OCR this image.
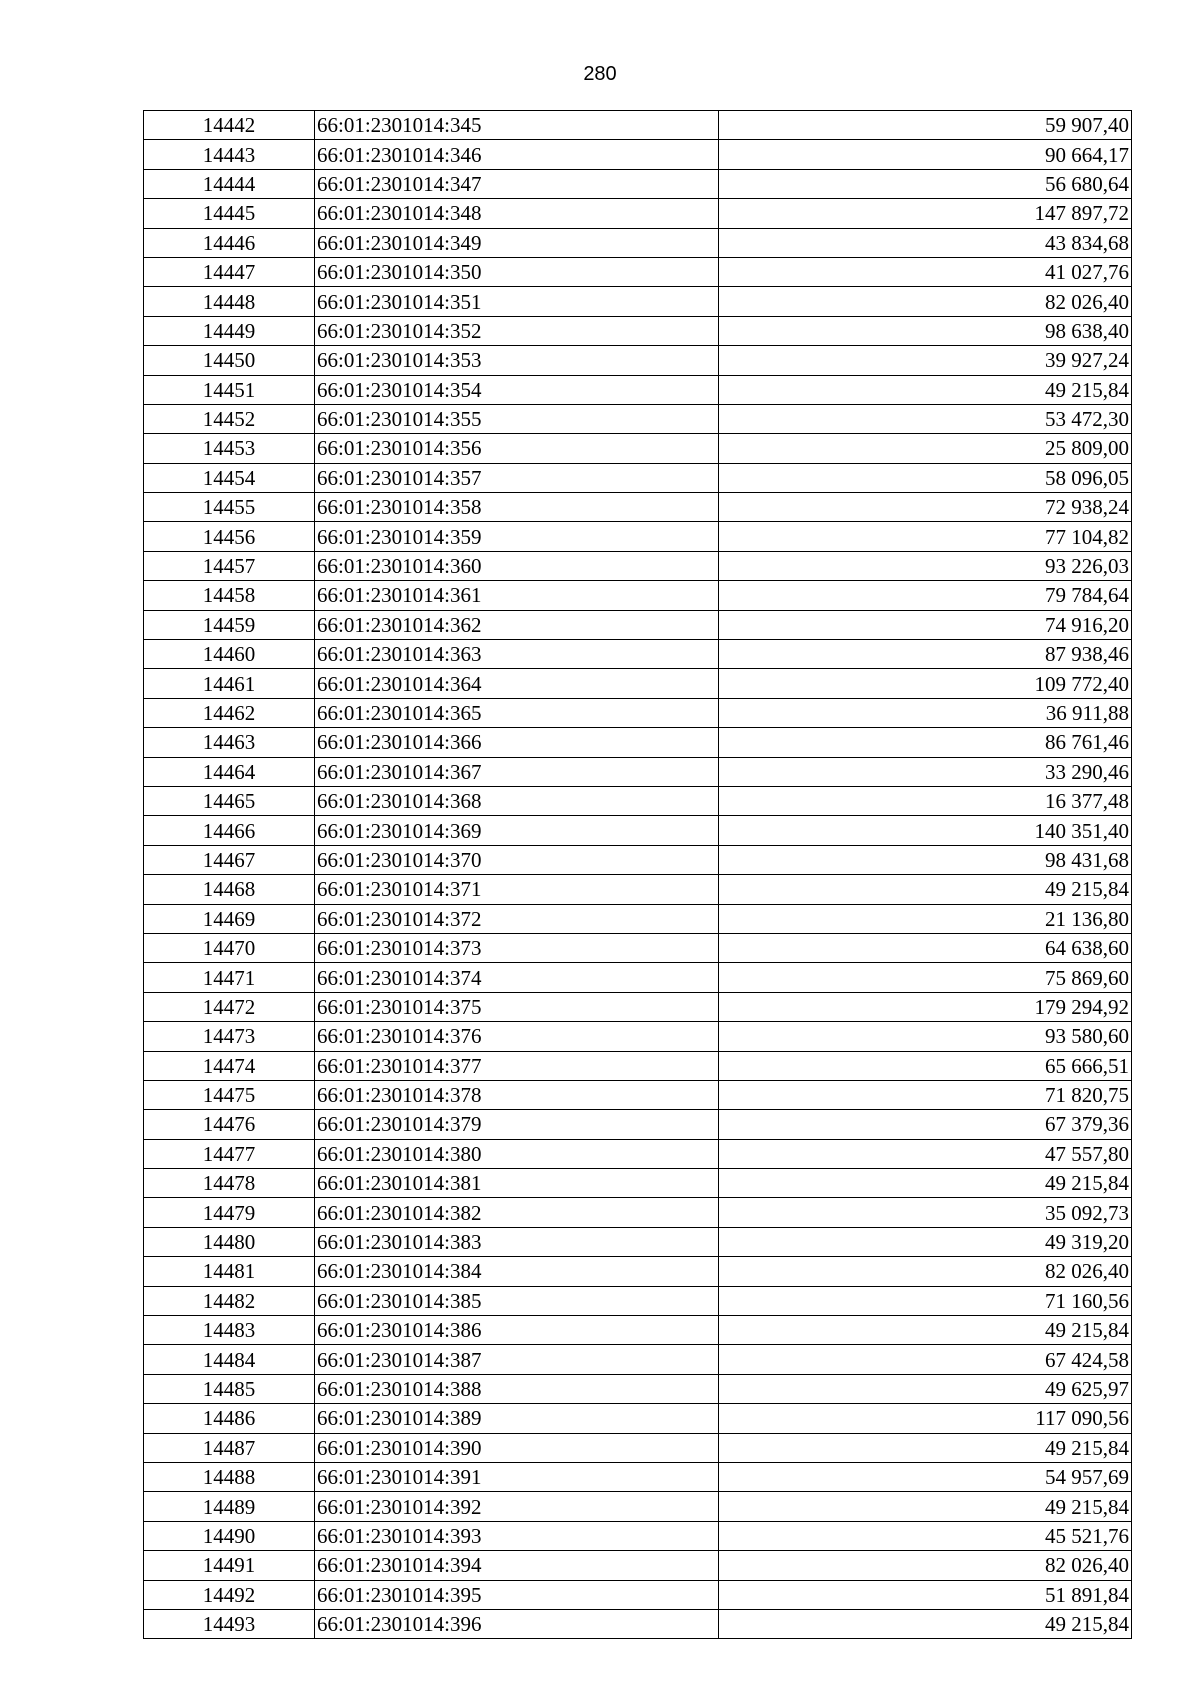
280
14442	66:01:2301014:345	59 907,40
14443	66:01:2301014:346	90 664,17
14444	66:01:2301014:347	56 680,64
14445	66:01:2301014:348	147 897,72
14446	66:01:2301014:349	43 834,68
14447	66:01:2301014:350	41 027,76
14448	66:01:2301014:351	82 026,40
14449	66:01:2301014:352	98 638,40
14450	66:01:2301014:353	39 927,24
14451	66:01:2301014:354	49 215,84
14452	66:01:2301014:355	53 472,30
14453	66:01:2301014:356	25 809,00
14454	66:01:2301014:357	58 096,05
14455	66:01:2301014:358	72 938,24
14456	66:01:2301014:359	77 104,82
14457	66:01:2301014:360	93 226,03
14458	66:01:2301014:361	79 784,64
14459	66:01:2301014:362	74 916,20
14460	66:01:2301014:363	87 938,46
14461	66:01:2301014:364	109 772,40
14462	66:01:2301014:365	36 911,88
14463	66:01:2301014:366	86 761,46
14464	66:01:2301014:367	33 290,46
14465	66:01:2301014:368	16 377,48
14466	66:01:2301014:369	140 351,40
14467	66:01:2301014:370	98 431,68
14468	66:01:2301014:371	49 215,84
14469	66:01:2301014:372	21 136,80
14470	66:01:2301014:373	64 638,60
14471	66:01:2301014:374	75 869,60
14472	66:01:2301014:375	179 294,92
14473	66:01:2301014:376	93 580,60
14474	66:01:2301014:377	65 666,51
14475	66:01:2301014:378	71 820,75
14476	66:01:2301014:379	67 379,36
14477	66:01:2301014:380	47 557,80
14478	66:01:2301014:381	49 215,84
14479	66:01:2301014:382	35 092,73
14480	66:01:2301014:383	49 319,20
14481	66:01:2301014:384	82 026,40
14482	66:01:2301014:385	71 160,56
14483	66:01:2301014:386	49 215,84
14484	66:01:2301014:387	67 424,58
14485	66:01:2301014:388	49 625,97
14486	66:01:2301014:389	117 090,56
14487	66:01:2301014:390	49 215,84
14488	66:01:2301014:391	54 957,69
14489	66:01:2301014:392	49 215,84
14490	66:01:2301014:393	45 521,76
14491	66:01:2301014:394	82 026,40
14492	66:01:2301014:395	51 891,84
14493	66:01:2301014:396	49 215,84
